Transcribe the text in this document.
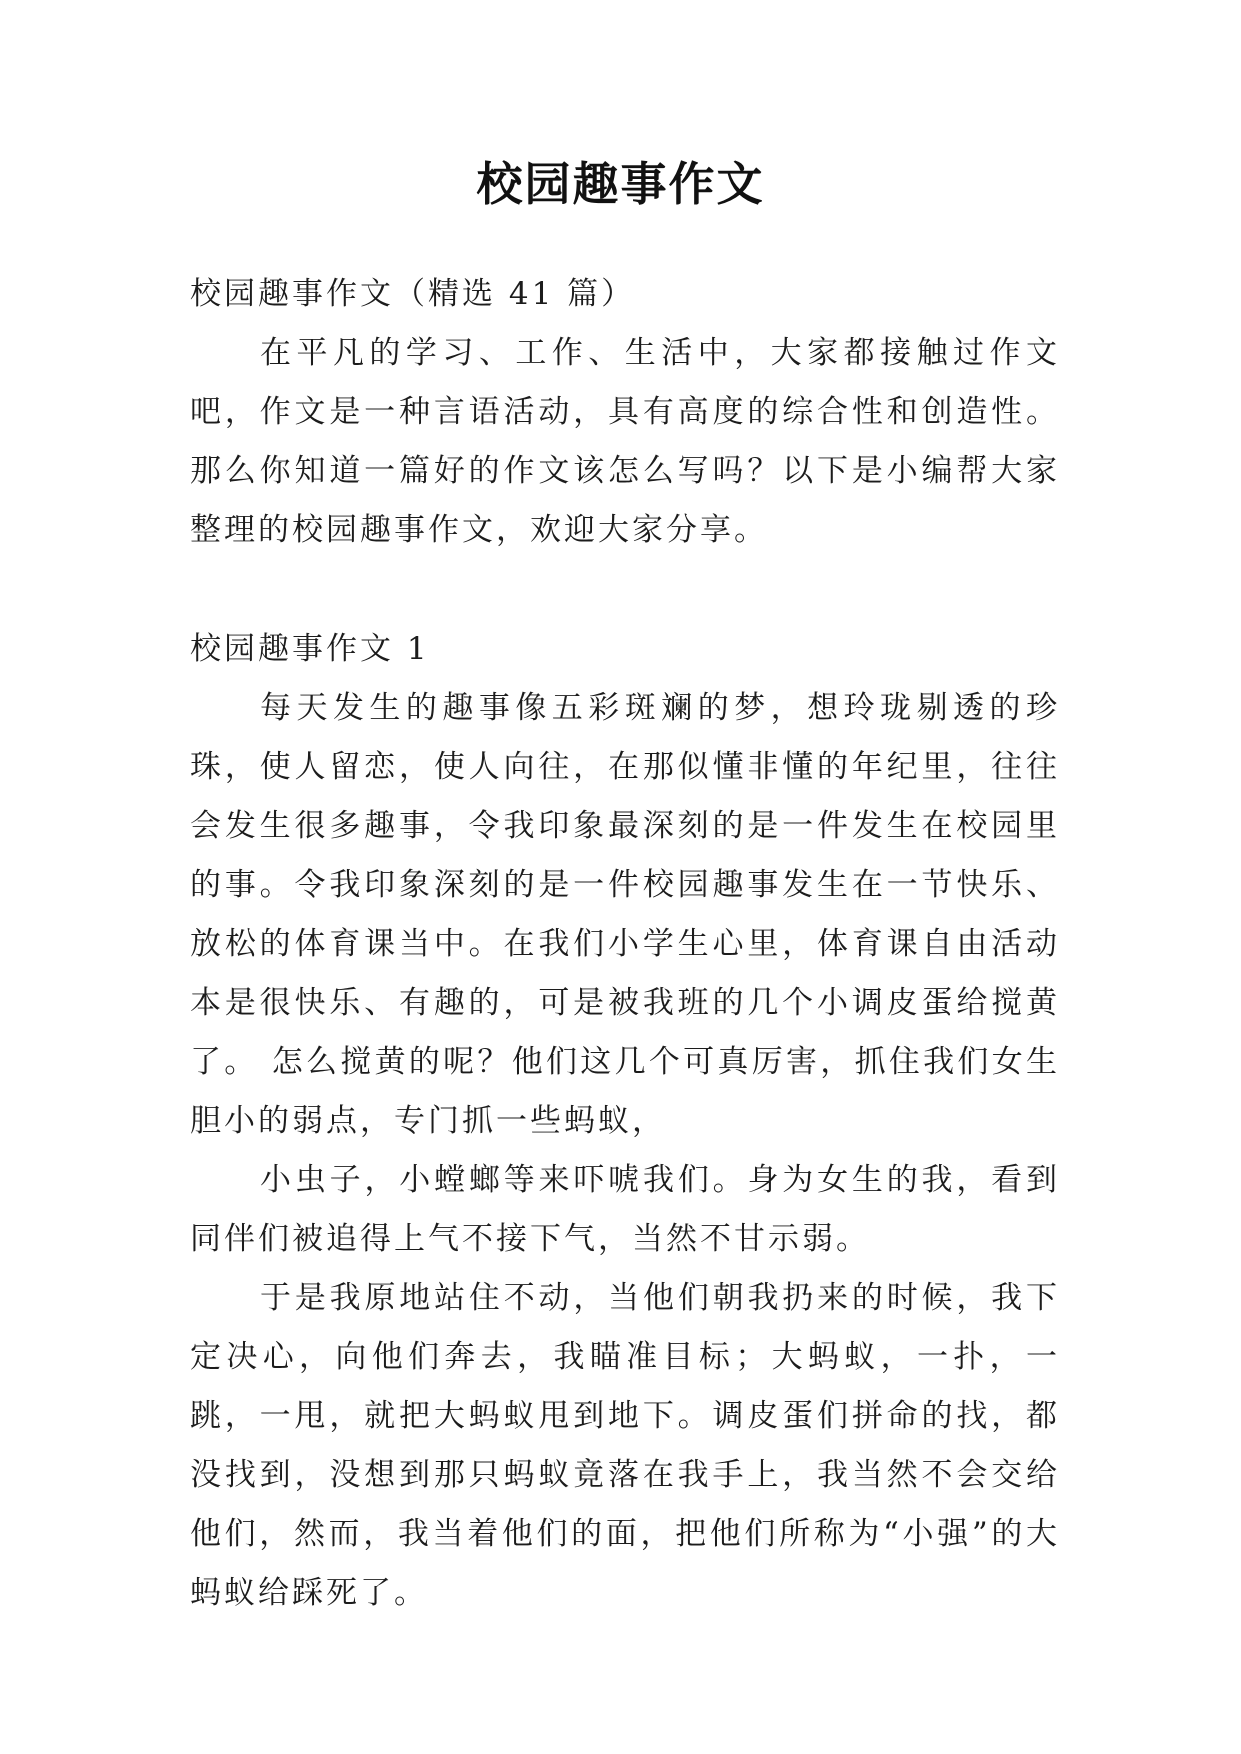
校园趣事作文

校园趣事作文（精选 41 篇）

在平凡的学习、工作、生活中，大家都接触过作文吧，作文是一种言语活动，具有高度的综合性和创造性。那么你知道一篇好的作文该怎么写吗？以下是小编帮大家整理的校园趣事作文，欢迎大家分享。

校园趣事作文 1

每天发生的趣事像五彩斑斓的梦，想玲珑剔透的珍珠，使人留恋，使人向往，在那似懂非懂的年纪里，往往会发生很多趣事，令我印象最深刻的是一件发生在校园里的事。令我印象深刻的是一件校园趣事发生在一节快乐、放松的体育课当中。在我们小学生心里，体育课自由活动本是很快乐、有趣的，可是被我班的几个小调皮蛋给搅黄了。 怎么搅黄的呢？他们这几个可真厉害，抓住我们女生胆小的弱点，专门抓一些蚂蚁，

小虫子，小螳螂等来吓唬我们。身为女生的我，看到同伴们被追得上气不接下气，当然不甘示弱。

于是我原地站住不动，当他们朝我扔来的时候，我下定决心，向他们奔去，我瞄准目标；大蚂蚁，一扑，一跳，一甩，就把大蚂蚁甩到地下。调皮蛋们拼命的找，都没找到，没想到那只蚂蚁竟落在我手上，我当然不会交给他们，然而，我当着他们的面，把他们所称为“小强”的大蚂蚁给踩死了。
